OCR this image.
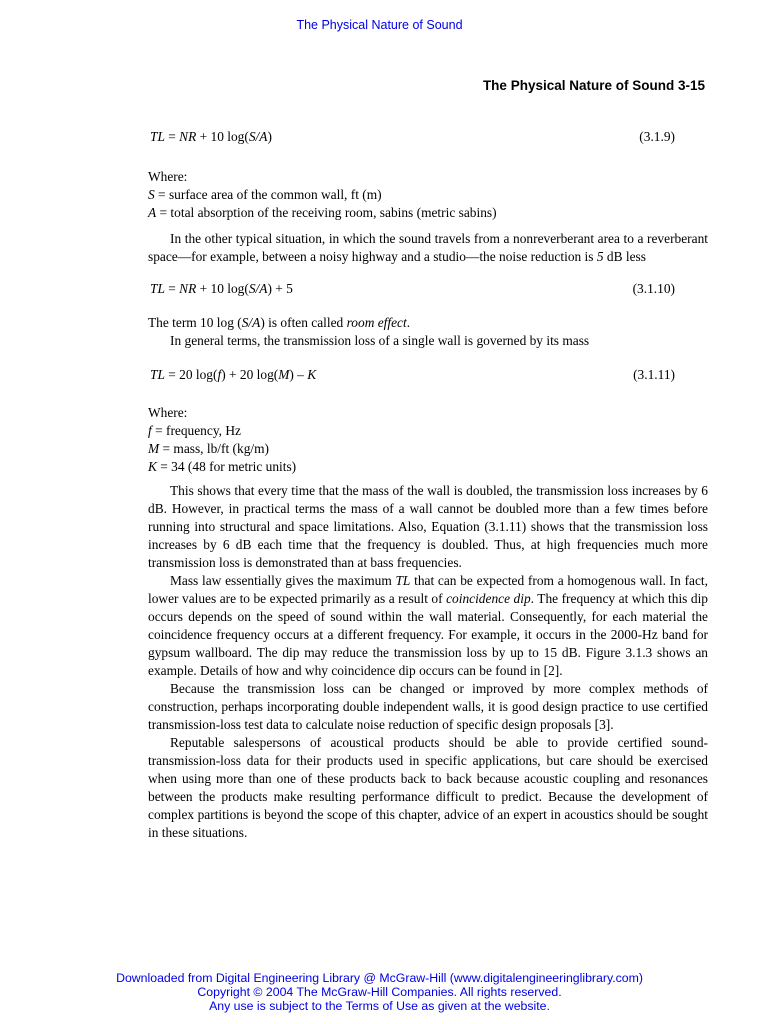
The Physical Nature of Sound
The Physical Nature of Sound 3-15
TL = NR + 10 log(S/A)	(3.1.9)
Where:
S = surface area of the common wall, ft (m)
A = total absorption of the receiving room, sabins (metric sabins)

In the other typical situation, in which the sound travels from a nonreverberant area to a reverberant space—for example, between a noisy highway and a studio—the noise reduction is 5 dB less

TL = NR + 10 log(S/A) + 5	(3.1.10)

The term 10 log (S/A) is often called room effect.

In general terms, the transmission loss of a single wall is governed by its mass

TL = 20 log(f) + 20 log(M) – K	(3.1.11)
Where:
f = frequency, Hz
M = mass, lb/ft (kg/m)
K = 34 (48 for metric units)

This shows that every time that the mass of the wall is doubled, the transmission loss increases by 6 dB. However, in practical terms the mass of a wall cannot be doubled more than a few times before running into structural and space limitations. Also, Equation (3.1.11) shows that the transmission loss increases by 6 dB each time that the frequency is doubled. Thus, at high frequencies much more transmission loss is demonstrated than at bass frequencies.

Mass law essentially gives the maximum TL that can be expected from a homogenous wall. In fact, lower values are to be expected primarily as a result of coincidence dip. The frequency at which this dip occurs depends on the speed of sound within the wall material. Consequently, for each material the coincidence frequency occurs at a different frequency. For example, it occurs in the 2000-Hz band for gypsum wallboard. The dip may reduce the transmission loss by up to 15 dB. Figure 3.1.3 shows an example. Details of how and why coincidence dip occurs can be found in [2].

Because the transmission loss can be changed or improved by more complex methods of construction, perhaps incorporating double independent walls, it is good design practice to use certified transmission-loss test data to calculate noise reduction of specific design proposals [3].

Reputable salespersons of acoustical products should be able to provide certified sound-transmission-loss data for their products used in specific applications, but care should be exercised when using more than one of these products back to back because acoustic coupling and resonances between the products make resulting performance difficult to predict. Because the development of complex partitions is beyond the scope of this chapter, advice of an expert in acoustics should be sought in these situations.

Downloaded from Digital Engineering Library @ McGraw-Hill (www.digitalengineeringlibrary.com)
Copyright © 2004 The McGraw-Hill Companies. All rights reserved.
Any use is subject to the Terms of Use as given at the website.
